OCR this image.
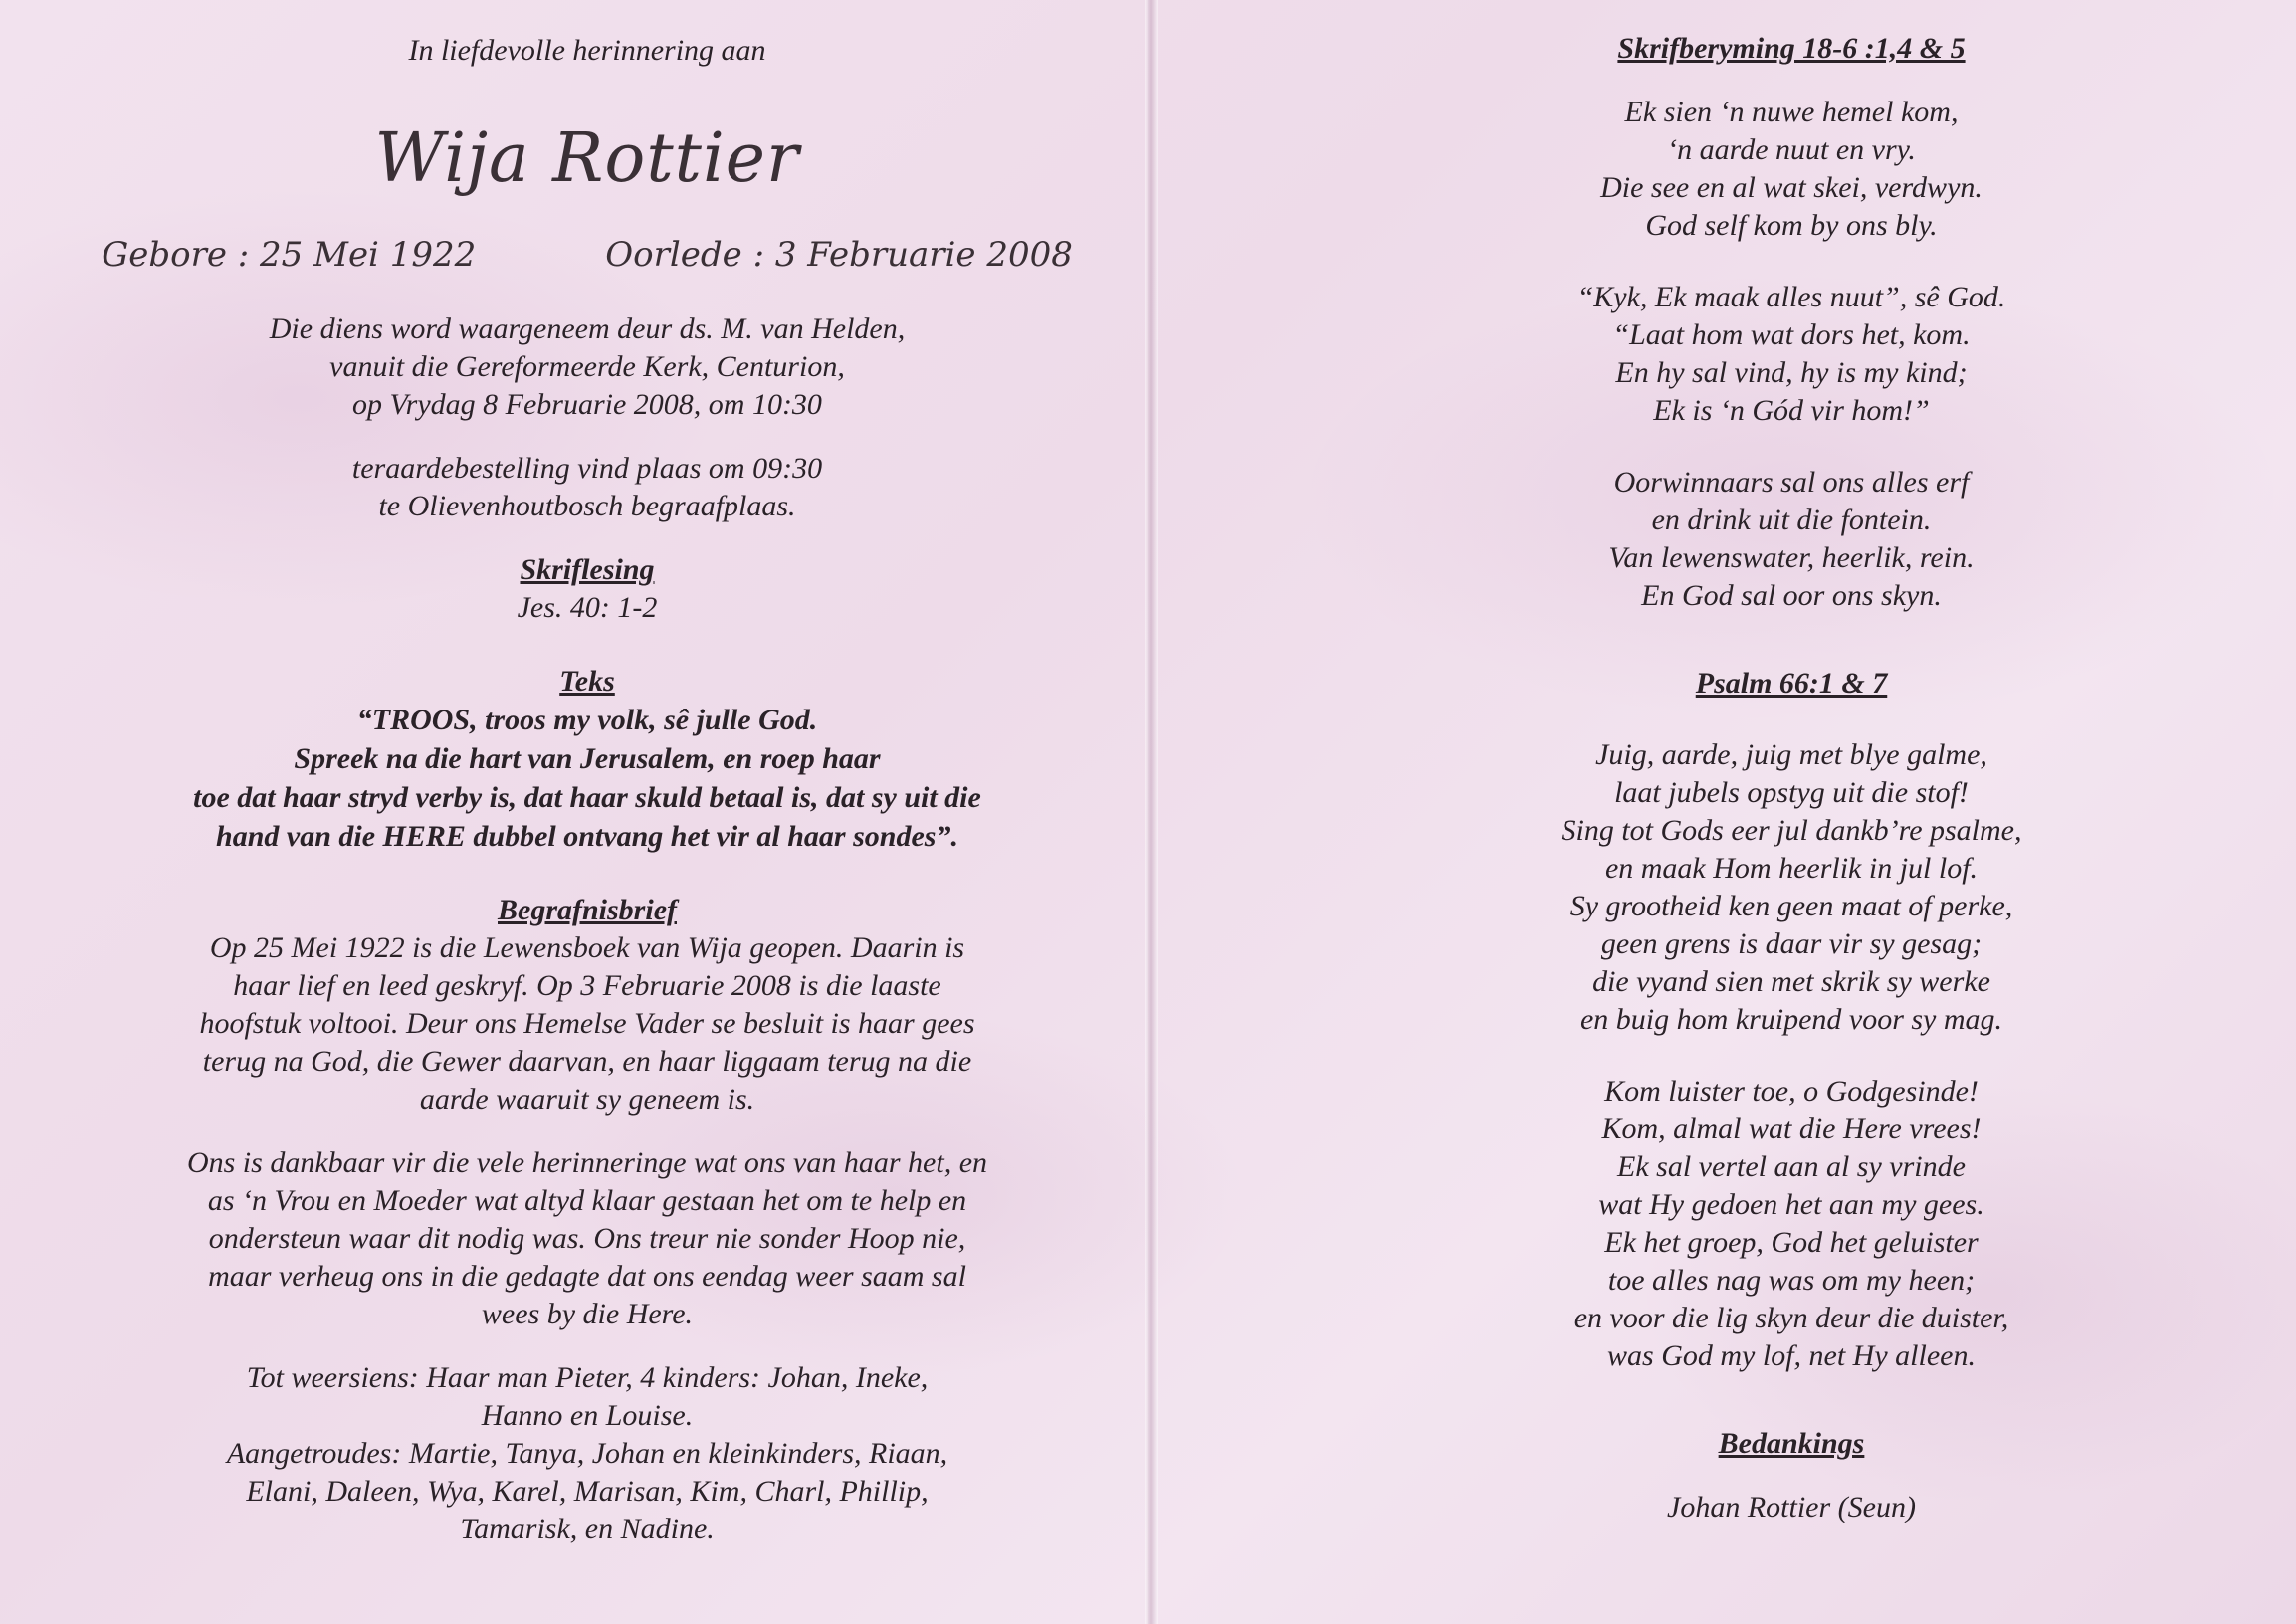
In liefdevolle herinnering aan
Wija Rottier
Gebore : 25 Mei 1922	Oorlede : 3 Februarie 2008
Die diens word waargeneem deur ds. M. van Helden,
vanuit die Gereformeerde Kerk, Centurion,
op Vrydag 8 Februarie 2008, om 10:30
teraardebestelling vind plaas om 09:30
te Olievenhoutbosch begraafplaas.
Skriflesing
Jes. 40: 1-2
Teks
“TROOS, troos my volk, sê julle God.
Spreek na die hart van Jerusalem, en roep haar
toe dat haar stryd verby is, dat haar skuld betaal is, dat sy uit die
hand van die HERE dubbel ontvang het vir al haar sondes”.
Begrafnisbrief
Op 25 Mei 1922 is die Lewensboek van Wija geopen. Daarin is
haar lief en leed geskryf. Op 3 Februarie 2008 is die laaste
hoofstuk voltooi. Deur ons Hemelse Vader se besluit is haar gees
terug na God, die Gewer daarvan, en haar liggaam terug na die
aarde waaruit sy geneem is.
Ons is dankbaar vir die vele herinneringe wat ons van haar het, en
as ‘n Vrou en Moeder wat altyd klaar gestaan het om te help en
ondersteun waar dit nodig was. Ons treur nie sonder Hoop nie,
maar verheug ons in die gedagte dat ons eendag weer saam sal
wees by die Here.
Tot weersiens: Haar man Pieter, 4 kinders: Johan, Ineke,
Hanno en Louise.
Aangetroudes: Martie, Tanya, Johan en kleinkinders, Riaan,
Elani, Daleen, Wya, Karel, Marisan, Kim, Charl, Phillip,
Tamarisk, en Nadine.
Skrifberyming 18-6 :1,4 & 5
Ek sien ‘n nuwe hemel kom,
‘n aarde nuut en vry.
Die see en al wat skei, verdwyn.
God self kom by ons bly.
“Kyk, Ek maak alles nuut”, sê God.
“Laat hom wat dors het, kom.
En hy sal vind, hy is my kind;
Ek is ‘n Gód vir hom!”
Oorwinnaars sal ons alles erf
en drink uit die fontein.
Van lewenswater, heerlik, rein.
En God sal oor ons skyn.
Psalm 66:1 & 7
Juig, aarde, juig met blye galme,
laat jubels opstyg uit die stof!
Sing tot Gods eer jul dankb’re psalme,
en maak Hom heerlik in jul lof.
Sy grootheid ken geen maat of perke,
geen grens is daar vir sy gesag;
die vyand sien met skrik sy werke
en buig hom kruipend voor sy mag.
Kom luister toe, o Godgesinde!
Kom, almal wat die Here vrees!
Ek sal vertel aan al sy vrinde
wat Hy gedoen het aan my gees.
Ek het groep, God het geluister
toe alles nag was om my heen;
en voor die lig skyn deur die duister,
was God my lof, net Hy alleen.
Bedankings
Johan Rottier (Seun)
